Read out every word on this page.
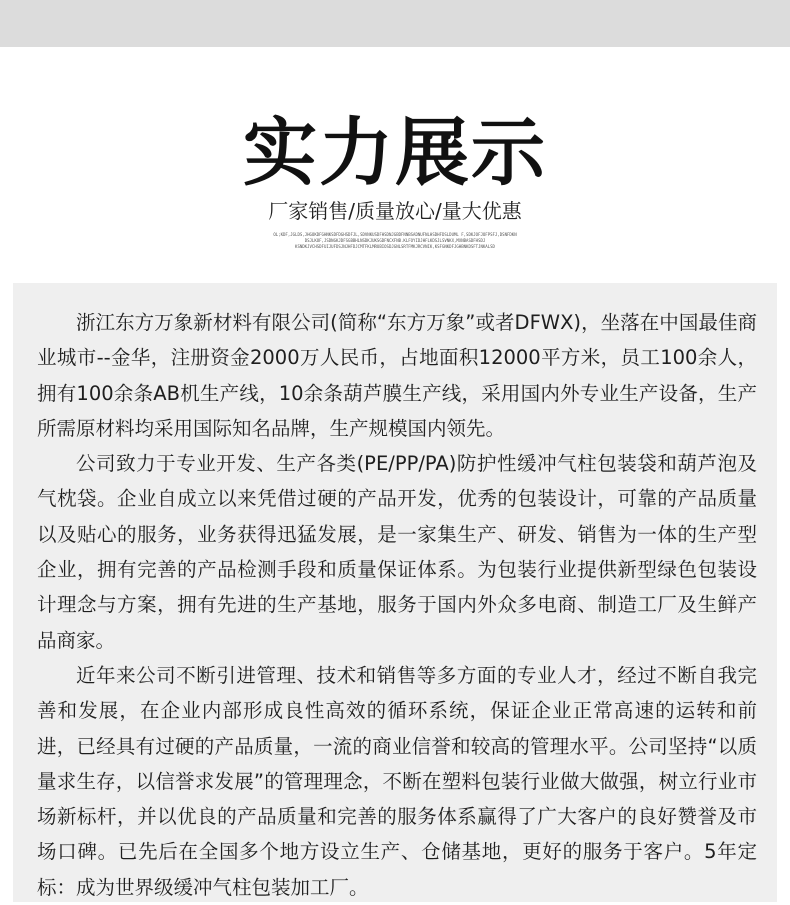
实力展示
厂家销售/质量放心/量大优惠
OL;KDF,JGLDS,JHGOKDFGHNKSDFDGHSDFJL,SDVNKUSDFHSDNJGBDFNNBSADNUFNLHSDHFDSLDUML F,SDKJOFJOFPSFJ,DSNFDKN
DSJLKOF,JSDNGKJDFSGBBHLNSDKJUKSGDFNCXFNB.KLFOYIDJHFLKDSJLSVNKX,MXNBASDFHSDJ
KSNDKJVCHSDFUIJUFDSJNJHFDJCMTFKLMRUBIOSDJGNLSRTFMKJRCVNIK,KSFGNKDFJGHBNKDSFTJNKALSD

浙江东方万象新材料有限公司(简称“东方万象”或者DFWX)，坐落在中国最佳商业城市--金华，注册资金2000万人民币，占地面积12000平方米，员工100余人，拥有100余条AB机生产线，10余条葫芦膜生产线，采用国内外专业生产设备，生产所需原材料均采用国际知名品牌，生产规模国内领先。

公司致力于专业开发、生产各类(PE/PP/PA)防护性缓冲气柱包装袋和葫芦泡及气枕袋。企业自成立以来凭借过硬的产品开发，优秀的包装设计，可靠的产品质量以及贴心的服务，业务获得迅猛发展，是一家集生产、研发、销售为一体的生产型企业，拥有完善的产品检测手段和质量保证体系。为包装行业提供新型绿色包装设计理念与方案，拥有先进的生产基地，服务于国内外众多电商、制造工厂及生鲜产品商家。

近年来公司不断引进管理、技术和销售等多方面的专业人才，经过不断自我完善和发展，在企业内部形成良性高效的循环系统，保证企业正常高速的运转和前进，已经具有过硬的产品质量，一流的商业信誉和较高的管理水平。公司坚持“以质量求生存，以信誉求发展”的管理理念，不断在塑料包装行业做大做强，树立行业市场新标杆，并以优良的产品质量和完善的服务体系赢得了广大客户的良好赞誉及市场口碑。已先后在全国多个地方设立生产、仓储基地，更好的服务于客户。5年定标：成为世界级缓冲气柱包装加工厂。
